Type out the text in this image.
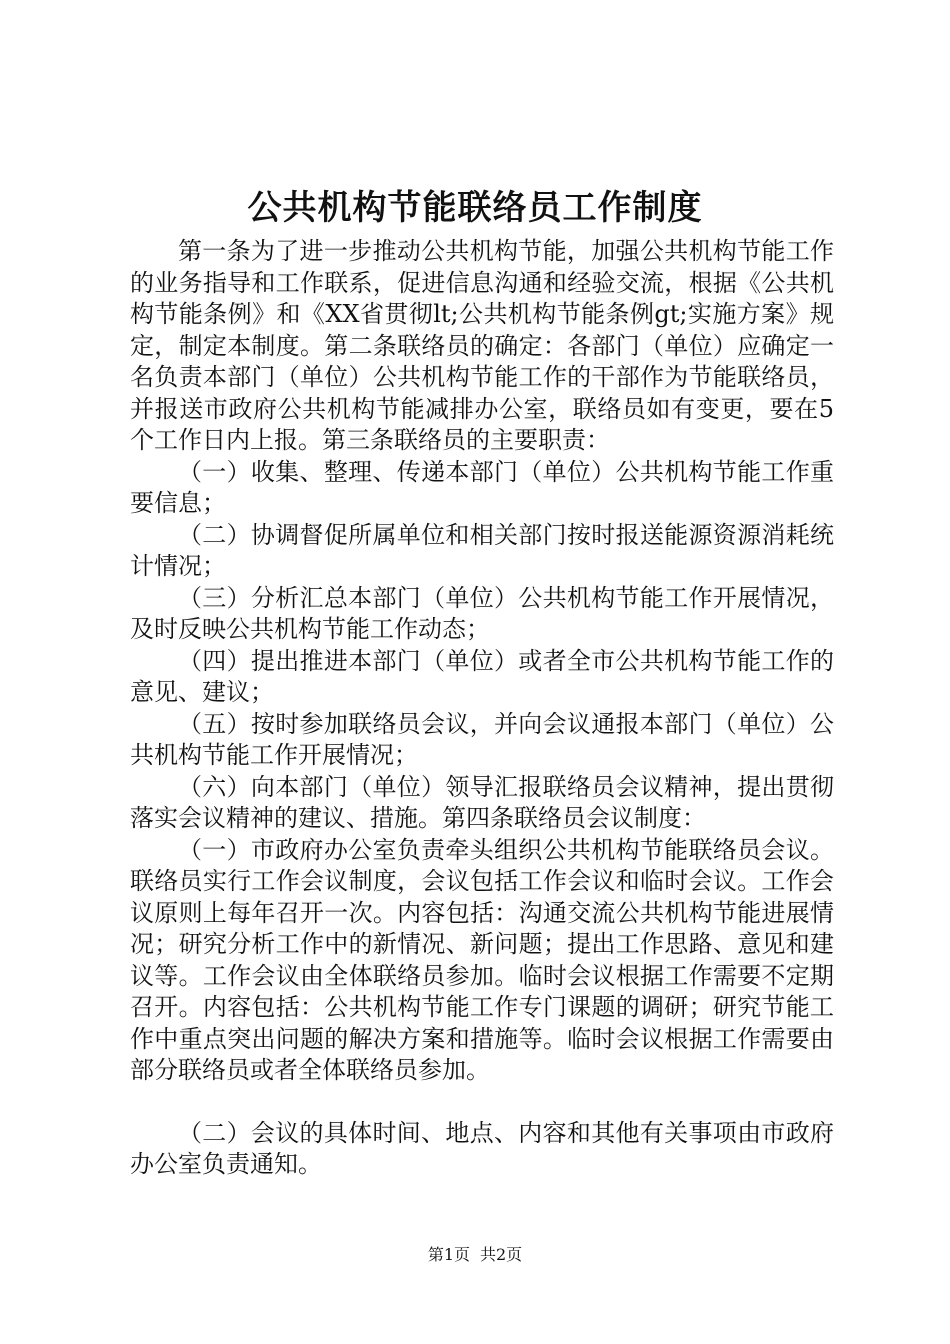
公共机构节能联络员工作制度

第一条为了进一步推动公共机构节能，加强公共机构节能工作的业务指导和工作联系，促进信息沟通和经验交流，根据《公共机构节能条例》和《XX省贯彻lt;公共机构节能条例gt;实施方案》规定，制定本制度。第二条联络员的确定：各部门（单位）应确定一名负责本部门（单位）公共机构节能工作的干部作为节能联络员，并报送市政府公共机构节能减排办公室，联络员如有变更，要在5个工作日内上报。第三条联络员的主要职责：

（一）收集、整理、传递本部门（单位）公共机构节能工作重要信息；

（二）协调督促所属单位和相关部门按时报送能源资源消耗统计情况；

（三）分析汇总本部门（单位）公共机构节能工作开展情况，及时反映公共机构节能工作动态；

（四）提出推进本部门（单位）或者全市公共机构节能工作的意见、建议；

（五）按时参加联络员会议，并向会议通报本部门（单位）公共机构节能工作开展情况；

（六）向本部门（单位）领导汇报联络员会议精神，提出贯彻落实会议精神的建议、措施。第四条联络员会议制度：

（一）市政府办公室负责牵头组织公共机构节能联络员会议。联络员实行工作会议制度，会议包括工作会议和临时会议。工作会议原则上每年召开一次。内容包括：沟通交流公共机构节能进展情况；研究分析工作中的新情况、新问题；提出工作思路、意见和建议等。工作会议由全体联络员参加。临时会议根据工作需要不定期召开。内容包括：公共机构节能工作专门课题的调研；研究节能工作中重点突出问题的解决方案和措施等。临时会议根据工作需要由部分联络员或者全体联络员参加。

（二）会议的具体时间、地点、内容和其他有关事项由市政府办公室负责通知。

第1页 共2页
